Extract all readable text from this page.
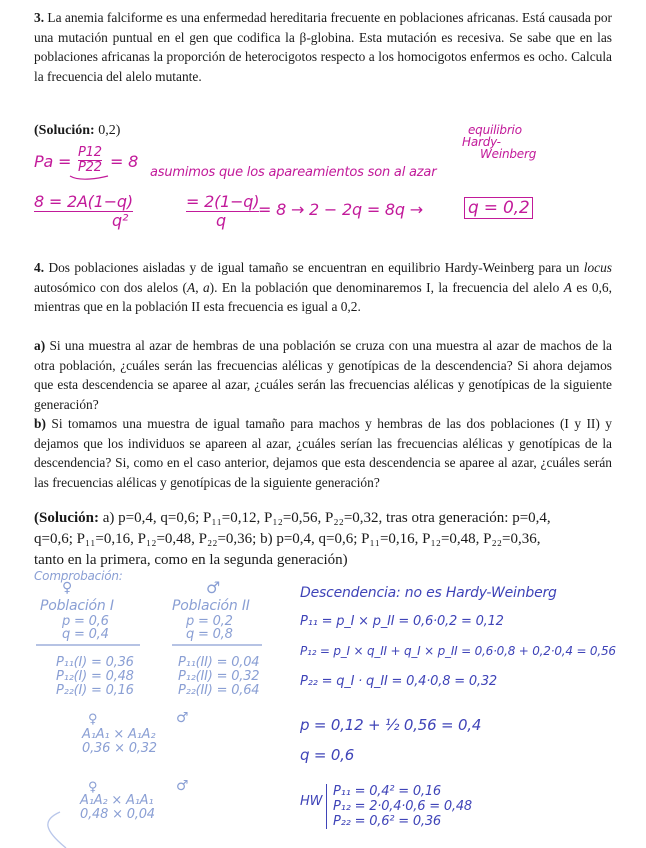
3. La anemia falciforme es una enfermedad hereditaria frecuente en poblaciones africanas. Está causada por una mutación puntual en el gen que codifica la β-globina. Esta mutación es recesiva. Se sabe que en las poblaciones africanas la proporción de heterocigotos respecto a los homocigotos enfermos es ocho. Calcula la frecuencia del alelo mutante.

(Solución: 0,2)	equilibrio
Hardy-
Weinberg
$Pa = \frac{P12}{P22} = 8$
asumimos que los apareamientos son al azar
$\frac{8 = 2A(1-q)}{\text{q²}}$	$\frac{= 2(1-q)}{q}$
= 8 → 2 − 2q = 8q →	q = 0,2

4. Dos poblaciones aisladas y de igual tamaño se encuentran en equilibrio Hardy-Weinberg para un locus autosómico con dos alelos (A, a). En la población que denominaremos I, la frecuencia del alelo A es 0,6, mientras que en la población II esta frecuencia es igual a 0,2.

a) Si una muestra al azar de hembras de una población se cruza con una muestra al azar de machos de la otra población, ¿cuáles serán las frecuencias alélicas y genotípicas de la descendencia? Si ahora dejamos que esta descendencia se aparee al azar, ¿cuáles serán las frecuencias alélicas y genotípicas de la siguiente generación?

b) Si tomamos una muestra de igual tamaño para machos y hembras de las dos poblaciones (I y II) y dejamos que los individuos se apareen al azar, ¿cuáles serían las frecuencias alélicas y genotípicas de la descendencia? Si, como en el caso anterior, dejamos que esta descendencia se aparee al azar, ¿cuáles serán las frecuencias alélicas y genotípicas de la siguiente generación?

(Solución: a) p=0,4, q=0,6; P₁₁=0,12, P₁₂=0,56, P₂₂=0,32, tras otra generación: p=0,4,
q=0,6; P₁₁=0,16, P₁₂=0,48, P₂₂=0,36; b) p=0,4, q=0,6; P₁₁=0,16, P₁₂=0,48, P₂₂=0,36,
tanto en la primera, como en la segunda generación)
Comprobación:
♀	♂
Población I
p = 0,6
q = 0,4
Población II
p = 0,2
q = 0,8
P₁₁(I) = 0,36
P₁₂(I) = 0,48
P₂₂(I) = 0,16
P₁₁(II) = 0,04
P₁₂(II) = 0,32
P₂₂(II) = 0,64
♀	♂
A₁A₁ × A₁A₂
0,36 × 0,32
♀	♂
A₁A₂ × A₁A₁
0,48 × 0,04
Descendencia: no es Hardy-Weinberg
P₁₁ = p_I × p_II = 0,6·0,2 = 0,12
P₁₂ = p_I × q_II + q_I × p_II = 0,6·0,8 + 0,2·0,4 = 0,56
P₂₂ = q_I · q_II = 0,4·0,8 = 0,32
p = 0,12 + ½ 0,56 = 0,4
q = 0,6
HW
P₁₁ = 0,4² = 0,16
P₁₂ = 2·0,4·0,6 = 0,48
P₂₂ = 0,6² = 0,36
